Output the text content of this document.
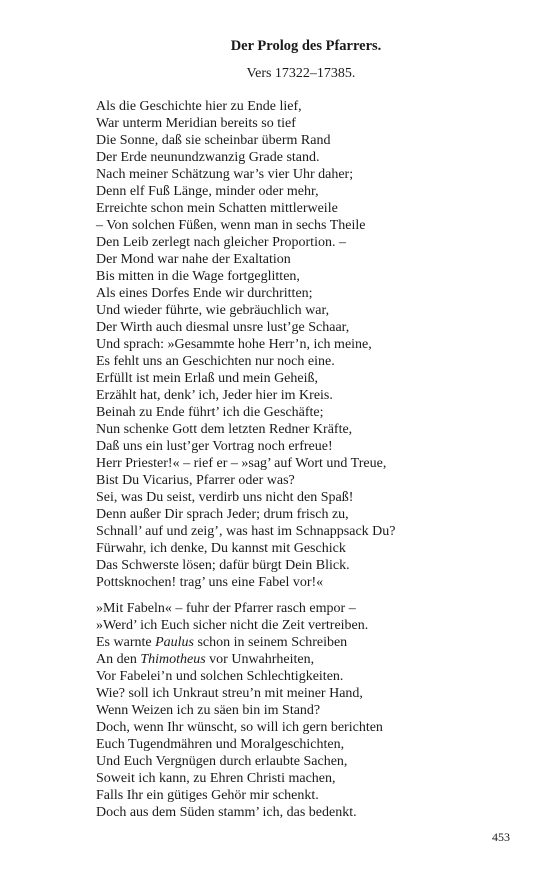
Der Prolog des Pfarrers.
Vers 17322–17385.
Als die Geschichte hier zu Ende lief,
War unterm Meridian bereits so tief
Die Sonne, daß sie scheinbar überm Rand
Der Erde neunundzwanzig Grade stand.
Nach meiner Schätzung war’s vier Uhr daher;
Denn elf Fuß Länge, minder oder mehr,
Erreichte schon mein Schatten mittlerweile
– Von solchen Füßen, wenn man in sechs Theile
Den Leib zerlegt nach gleicher Proportion. –
Der Mond war nahe der Exaltation
Bis mitten in die Wage fortgeglitten,
Als eines Dorfes Ende wir durchritten;
Und wieder führte, wie gebräuchlich war,
Der Wirth auch diesmal unsre lust’ge Schaar,
Und sprach: »Gesammte hohe Herr’n, ich meine,
Es fehlt uns an Geschichten nur noch eine.
Erfüllt ist mein Erlaß und mein Geheiß,
Erzählt hat, denk’ ich, Jeder hier im Kreis.
Beinah zu Ende führt’ ich die Geschäfte;
Nun schenke Gott dem letzten Redner Kräfte,
Daß uns ein lust’ger Vortrag noch erfreue!
Herr Priester!« – rief er – »sag’ auf Wort und Treue,
Bist Du Vicarius, Pfarrer oder was?
Sei, was Du seist, verdirb uns nicht den Spaß!
Denn außer Dir sprach Jeder; drum frisch zu,
Schnall’ auf und zeig’, was hast im Schnappsack Du?
Fürwahr, ich denke, Du kannst mit Geschick
Das Schwerste lösen; dafür bürgt Dein Blick.
Pottsknochen! trag’ uns eine Fabel vor!«
»Mit Fabeln« – fuhr der Pfarrer rasch empor –
»Werd’ ich Euch sicher nicht die Zeit vertreiben.
Es warnte Paulus schon in seinem Schreiben
An den Thimotheus vor Unwahrheiten,
Vor Fabelei’n und solchen Schlechtigkeiten.
Wie? soll ich Unkraut streu’n mit meiner Hand,
Wenn Weizen ich zu säen bin im Stand?
Doch, wenn Ihr wünscht, so will ich gern berichten
Euch Tugendmähren und Moralgeschichten,
Und Euch Vergnügen durch erlaubte Sachen,
Soweit ich kann, zu Ehren Christi machen,
Falls Ihr ein gütiges Gehör mir schenkt.
Doch aus dem Süden stamm’ ich, das bedenkt.
453
